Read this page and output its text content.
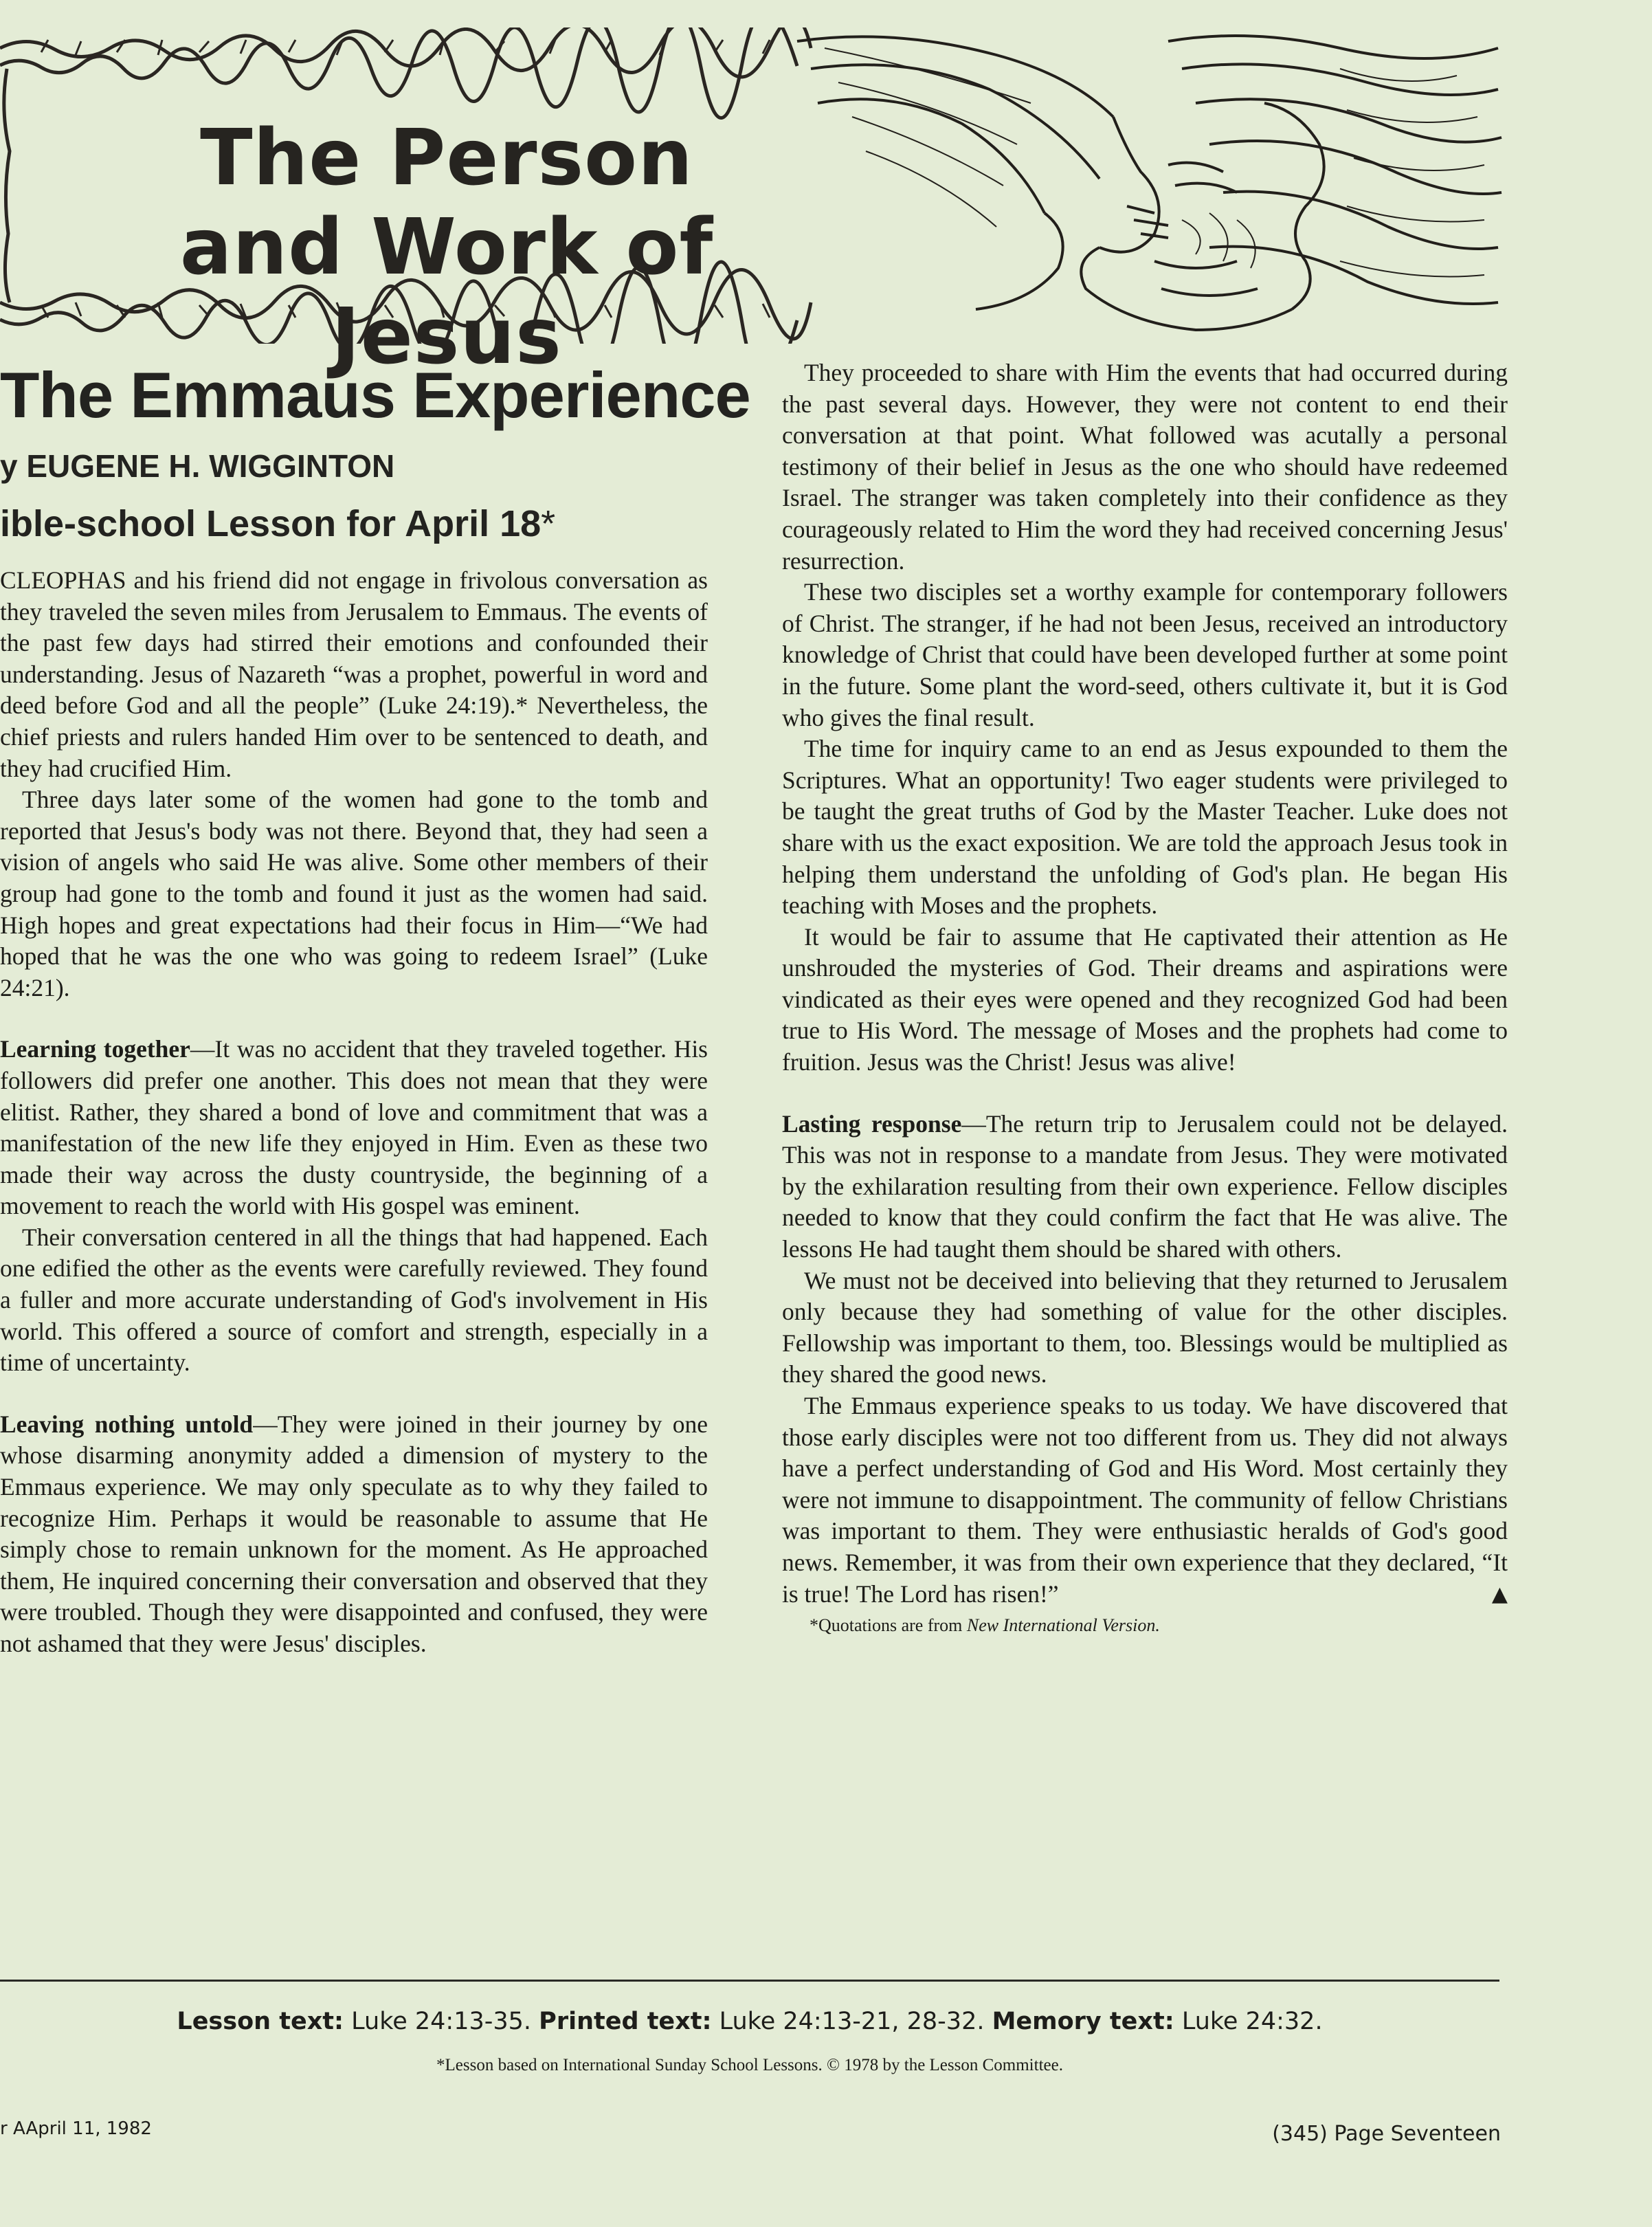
The Person
and Work of Jesus
The Emmaus Experience
y EUGENE H. WIGGINTON
ible-school Lesson for April 18*

CLEOPHAS and his friend did not engage in frivolous conversation as they traveled the seven miles from Jerusalem to Emmaus. The events of the past few days had stirred their emotions and confounded their understanding. Jesus of Nazareth “was a prophet, powerful in word and deed before God and all the people” (Luke 24:19).* Nevertheless, the chief priests and rulers handed Him over to be sentenced to death, and they had crucified Him.

Three days later some of the women had gone to the tomb and reported that Jesus's body was not there. Beyond that, they had seen a vision of angels who said He was alive. Some other members of their group had gone to the tomb and found it just as the women had said. High hopes and great expectations had their focus in Him—“We had hoped that he was the one who was going to redeem Israel” (Luke 24:21).

Learning together—It was no accident that they traveled together. His followers did prefer one another. This does not mean that they were elitist. Rather, they shared a bond of love and commitment that was a manifestation of the new life they enjoyed in Him. Even as these two made their way across the dusty countryside, the beginning of a movement to reach the world with His gospel was eminent.

Their conversation centered in all the things that had happened. Each one edified the other as the events were carefully reviewed. They found a fuller and more accurate understanding of God's involvement in His world. This offered a source of comfort and strength, especially in a time of uncertainty.

Leaving nothing untold—They were joined in their journey by one whose disarming anonymity added a dimension of mystery to the Emmaus experience. We may only speculate as to why they failed to recognize Him. Perhaps it would be reasonable to assume that He simply chose to remain unknown for the moment. As He approached them, He inquired concerning their conversation and observed that they were troubled. Though they were disappointed and confused, they were not ashamed that they were Jesus' disciples.

They proceeded to share with Him the events that had occurred during the past several days. However, they were not content to end their conversation at that point. What followed was acutally a personal testimony of their belief in Jesus as the one who should have redeemed Israel. The stranger was taken completely into their confidence as they courageously related to Him the word they had received concerning Jesus' resurrection.

These two disciples set a worthy example for contemporary followers of Christ. The stranger, if he had not been Jesus, received an introductory knowledge of Christ that could have been developed further at some point in the future. Some plant the word-seed, others cultivate it, but it is God who gives the final result.

The time for inquiry came to an end as Jesus expounded to them the Scriptures. What an opportunity! Two eager students were privileged to be taught the great truths of God by the Master Teacher. Luke does not share with us the exact exposition. We are told the approach Jesus took in helping them understand the unfolding of God's plan. He began His teaching with Moses and the prophets.

It would be fair to assume that He captivated their attention as He unshrouded the mysteries of God. Their dreams and aspirations were vindicated as their eyes were opened and they recognized God had been true to His Word. The message of Moses and the prophets had come to fruition. Jesus was the Christ! Jesus was alive!

Lasting response—The return trip to Jerusalem could not be delayed. This was not in response to a mandate from Jesus. They were motivated by the exhilaration resulting from their own experience. Fellow disciples needed to know that they could confirm the fact that He was alive. The lessons He had taught them should be shared with others.

We must not be deceived into believing that they returned to Jerusalem only because they had something of value for the other disciples. Fellowship was important to them, too. Blessings would be multiplied as they shared the good news.

The Emmaus experience speaks to us today. We have discovered that those early disciples were not too different from us. They did not always have a perfect understanding of God and His Word. Most certainly they were not immune to disappointment. The community of fellow Christians was important to them. They were enthusiastic heralds of God's good news. Remember, it was from their own experience that they declared, “It is true! The Lord has risen!”	▲

*Quotations are from New International Version.
Lesson text: Luke 24:13-35. Printed text: Luke 24:13-21, 28-32. Memory text: Luke 24:32.
*Lesson based on International Sunday School Lessons. © 1978 by the Lesson Committee.
r AApril 11, 1982	(345) Page Seventeen
